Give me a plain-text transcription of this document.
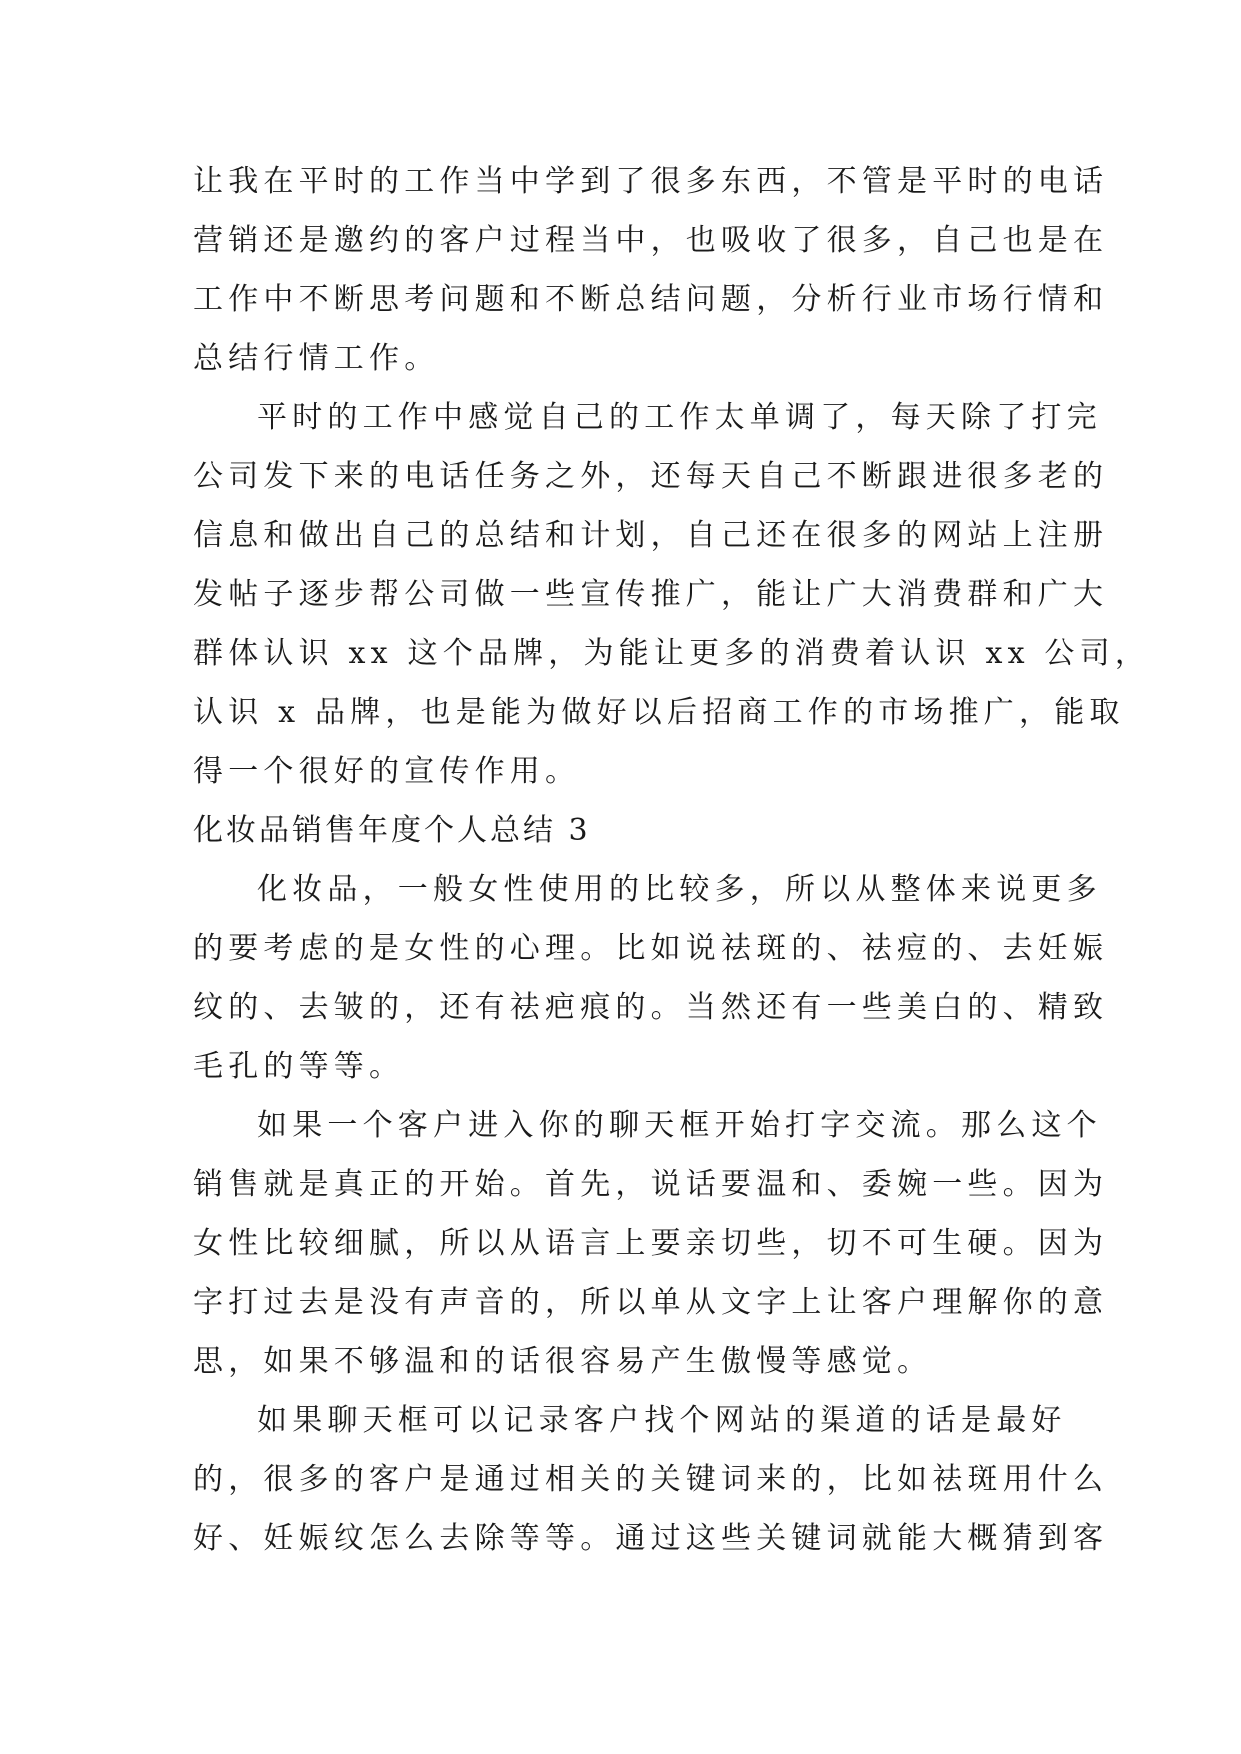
让我在平时的工作当中学到了很多东西，不管是平时的电话
营销还是邀约的客户过程当中，也吸收了很多，自己也是在
工作中不断思考问题和不断总结问题，分析行业市场行情和
总结行情工作。
平时的工作中感觉自己的工作太单调了，每天除了打完
公司发下来的电话任务之外，还每天自己不断跟进很多老的
信息和做出自己的总结和计划，自己还在很多的网站上注册
发帖子逐步帮公司做一些宣传推广，能让广大消费群和广大
群体认识 xx 这个品牌，为能让更多的消费着认识 xx 公司，
认识 x 品牌，也是能为做好以后招商工作的市场推广，能取
得一个很好的宣传作用。
化妆品销售年度个人总结 3
化妆品，一般女性使用的比较多，所以从整体来说更多
的要考虑的是女性的心理。比如说祛斑的、祛痘的、去妊娠
纹的、去皱的，还有祛疤痕的。当然还有一些美白的、精致
毛孔的等等。
如果一个客户进入你的聊天框开始打字交流。那么这个
销售就是真正的开始。首先，说话要温和、委婉一些。因为
女性比较细腻，所以从语言上要亲切些，切不可生硬。因为
字打过去是没有声音的，所以单从文字上让客户理解你的意
思，如果不够温和的话很容易产生傲慢等感觉。
如果聊天框可以记录客户找个网站的渠道的话是最好
的，很多的客户是通过相关的关键词来的，比如祛斑用什么
好、妊娠纹怎么去除等等。通过这些关键词就能大概猜到客
